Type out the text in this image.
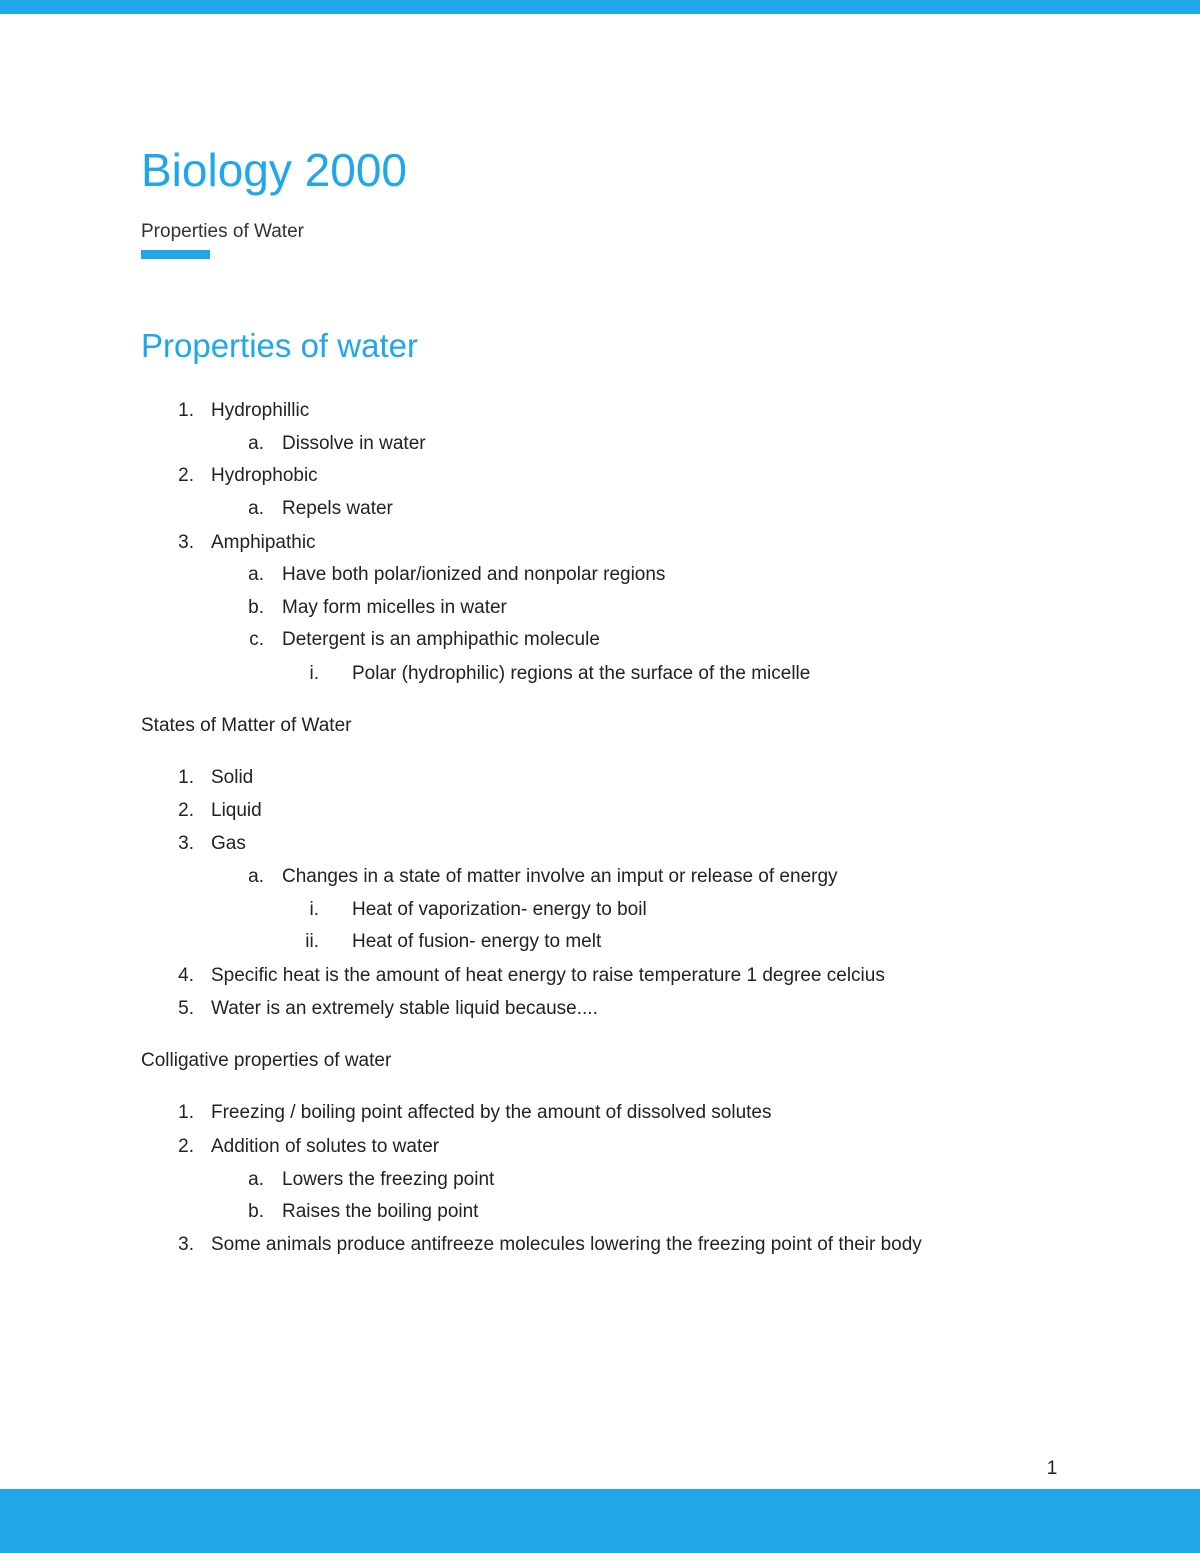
Biology 2000
Properties of Water
Properties of water
1. Hydrophillic
a. Dissolve in water
2. Hydrophobic
a. Repels water
3. Amphipathic
a. Have both polar/ionized and nonpolar regions
b. May form micelles in water
c. Detergent is an amphipathic molecule
i. Polar (hydrophilic) regions at the surface of the micelle
States of Matter of Water
1. Solid
2. Liquid
3. Gas
a. Changes in a state of matter involve an imput or release of energy
i. Heat of vaporization- energy to boil
ii. Heat of fusion- energy to melt
4. Specific heat is the amount of heat energy to raise temperature 1 degree celcius
5. Water is an extremely stable liquid because....
Colligative properties of water
1. Freezing / boiling point affected by the amount of dissolved solutes
2. Addition of solutes to water
a. Lowers the freezing point
b. Raises the boiling point
3. Some animals produce antifreeze molecules lowering the freezing point of their body
1
